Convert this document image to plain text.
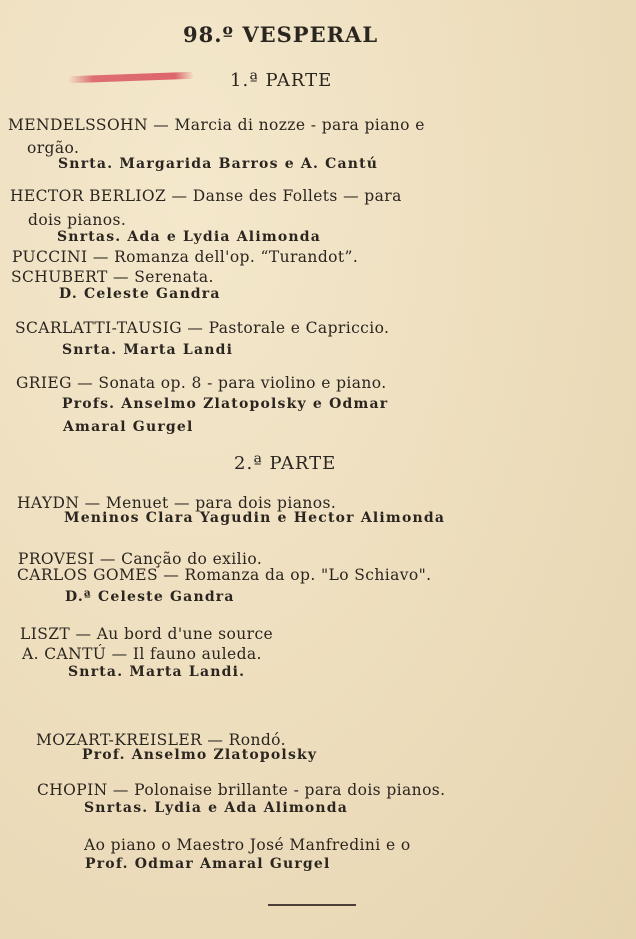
98.º VESPERAL
1.ª PARTE
MENDELSSOHN — Marcia di nozze - para piano e
orgão.
Snrta. Margarida Barros e A. Cantú
HECTOR BERLIOZ — Danse des Follets — para
dois pianos.
Snrtas. Ada e Lydia Alimonda
PUCCINI — Romanza dell'op. “Turandot”.
SCHUBERT — Serenata.
D. Celeste Gandra
SCARLATTI-TAUSIG — Pastorale e Capriccio.
Snrta. Marta Landi
GRIEG — Sonata op. 8 - para violino e piano.
Profs. Anselmo Zlatopolsky e Odmar
Amaral Gurgel
2.ª PARTE
HAYDN — Menuet — para dois pianos.
Meninos Clara Yagudin e Hector Alimonda
PROVESI — Canção do exilio.
CARLOS GOMES — Romanza da op. "Lo Schiavo".
D.ª Celeste Gandra
LISZT — Au bord d'une source
A. CANTÚ — Il fauno auleda.
Snrta. Marta Landi.
MOZART-KREISLER — Rondó.
Prof. Anselmo Zlatopolsky
CHOPIN — Polonaise brillante - para dois pianos.
Snrtas. Lydia e Ada Alimonda
Ao piano o Maestro José Manfredini e o
Prof. Odmar Amaral Gurgel
